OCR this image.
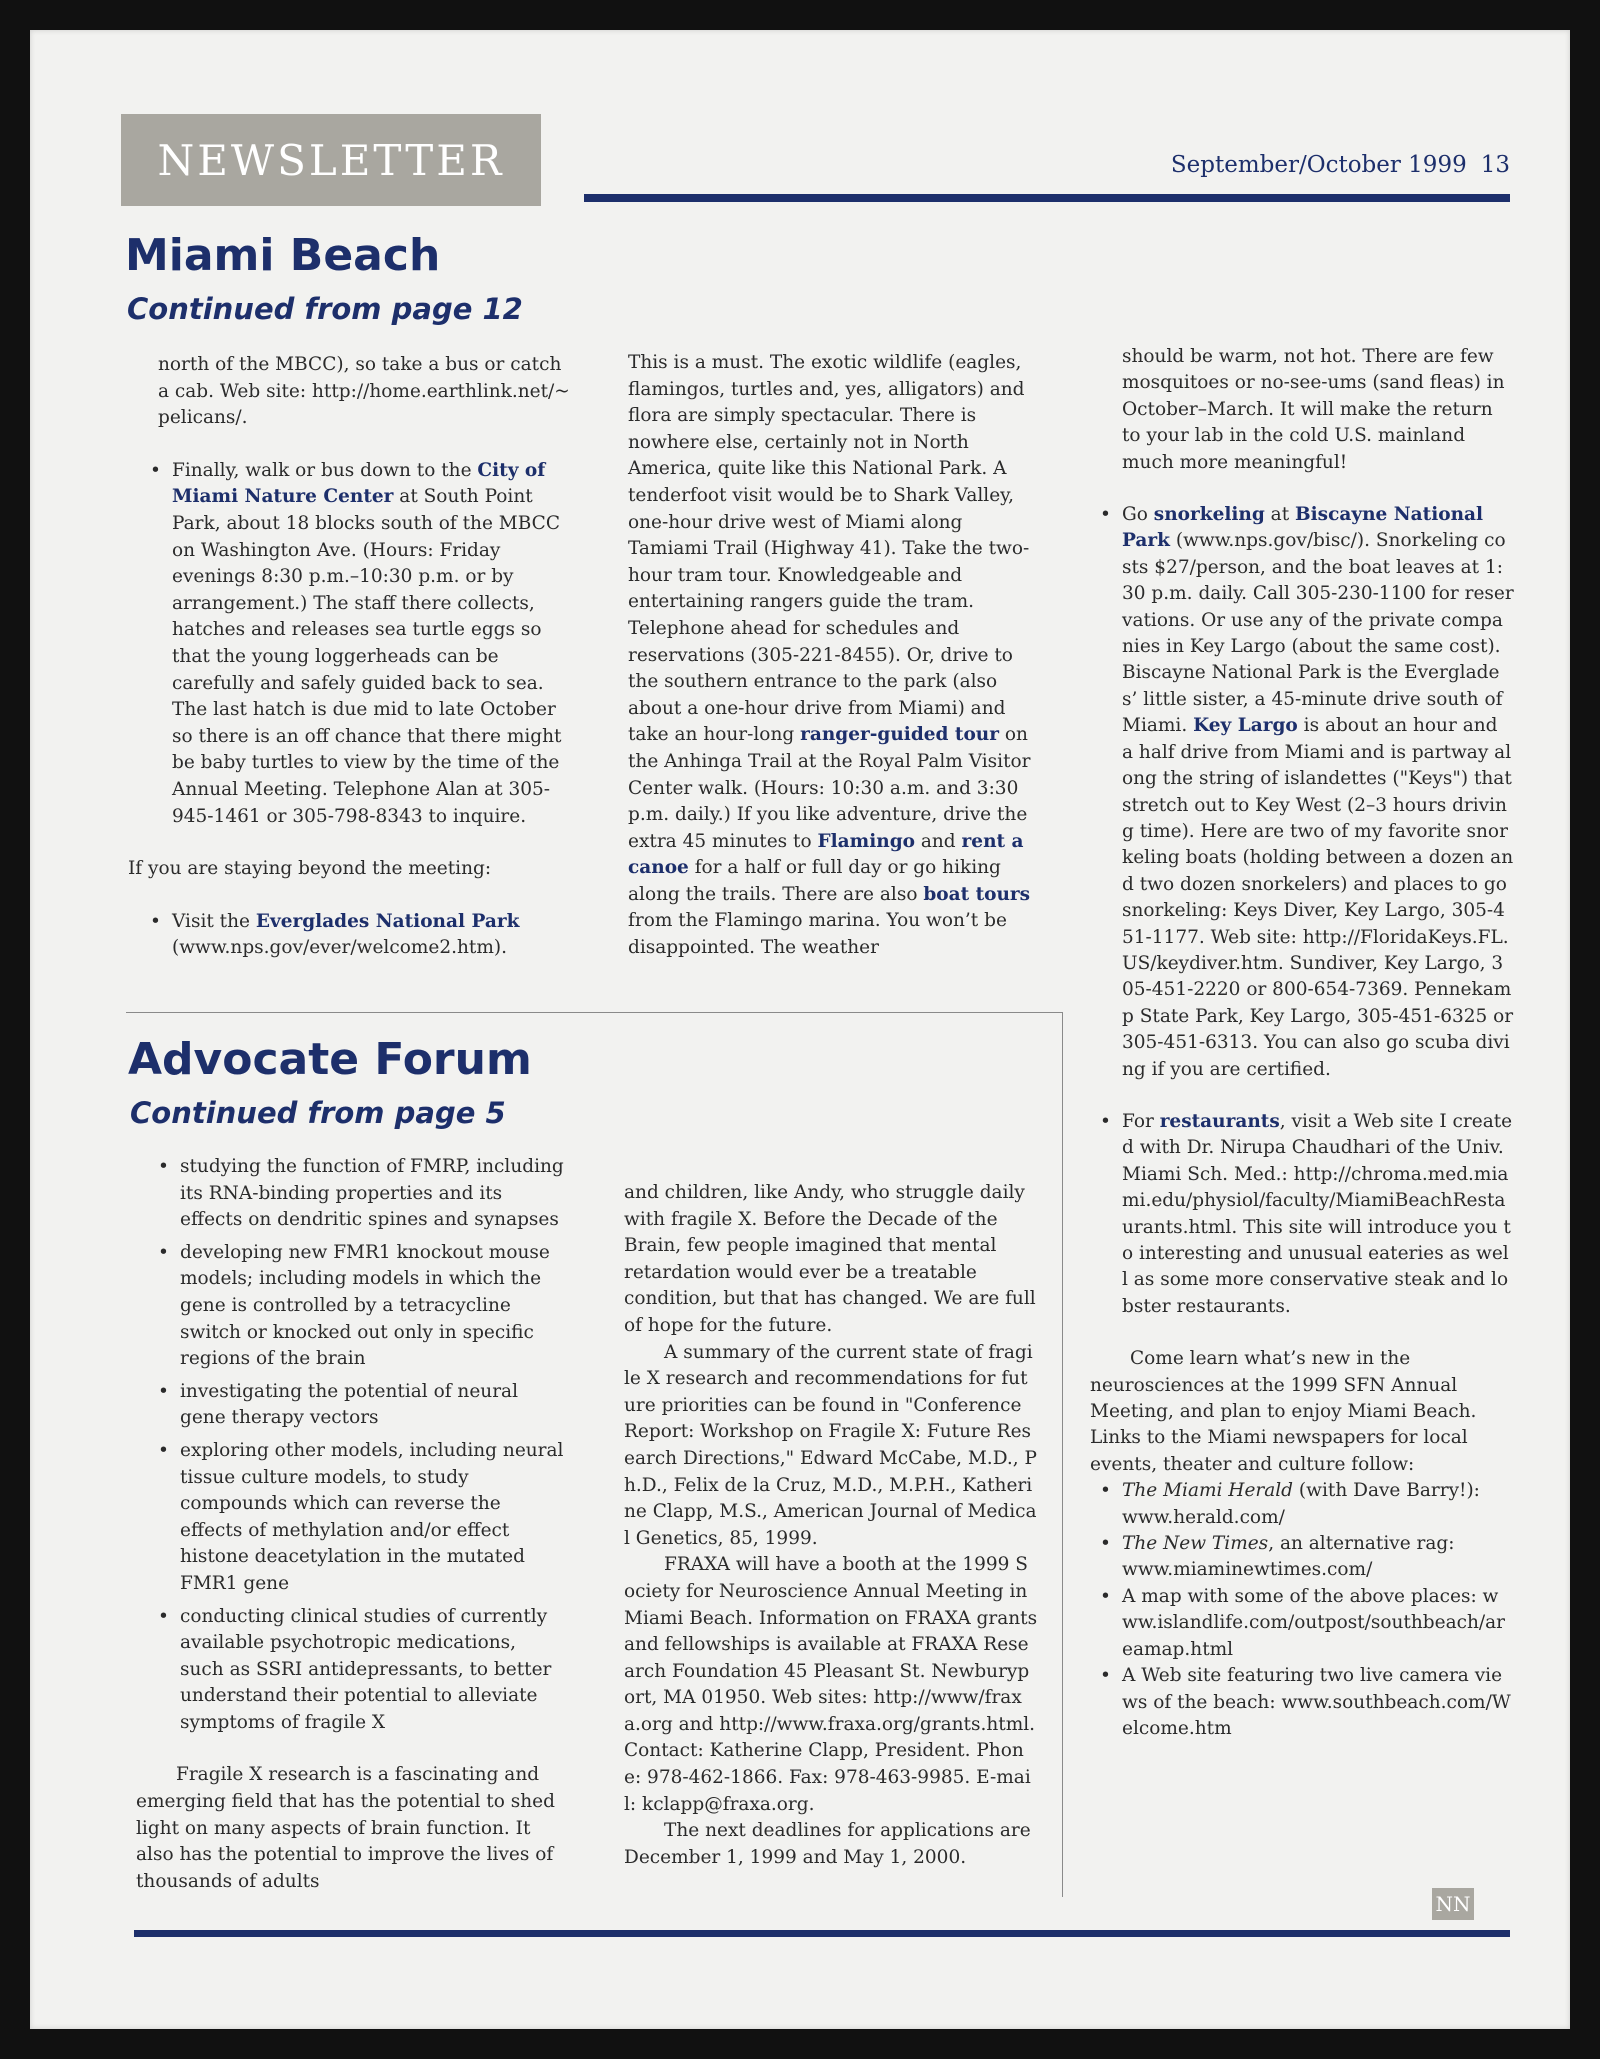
NEWSLETTER	September/October 1999 13
Miami Beach
Continued from page 12

north of the MBCC), so take a bus or catch a cab. Web site: http://home.earthlink.net/~pelicans/.

• Finally, walk or bus down to the City of Miami Nature Center at South Point Park, about 18 blocks south of the MBCC on Washington Ave. (Hours: Friday evenings 8:30 p.m.–10:30 p.m. or by arrangement.) The staff there collects, hatches and releases sea turtle eggs so that the young loggerheads can be carefully and safely guided back to sea. The last hatch is due mid to late October so there is an off chance that there might be baby turtles to view by the time of the Annual Meeting. Telephone Alan at 305-945-1461 or 305-798-8343 to inquire.

If you are staying beyond the meeting:

• Visit the Everglades National Park (www.nps.gov/ever/welcome2.htm).

This is a must. The exotic wildlife (eagles, flamingos, turtles and, yes, alligators) and flora are simply spectacular. There is nowhere else, certainly not in North America, quite like this National Park. A tenderfoot visit would be to Shark Valley, one-hour drive west of Miami along Tamiami Trail (Highway 41). Take the two-hour tram tour. Knowledgeable and entertaining rangers guide the tram. Telephone ahead for schedules and reservations (305-221-8455). Or, drive to the southern entrance to the park (also about a one-hour drive from Miami) and take an hour-long ranger-guided tour on the Anhinga Trail at the Royal Palm Visitor Center walk. (Hours: 10:30 a.m. and 3:30 p.m. daily.) If you like adventure, drive the extra 45 minutes to Flamingo and rent a canoe for a half or full day or go hiking along the trails. There are also boat tours from the Flamingo marina. You won’t be disappointed. The weather

should be warm, not hot. There are few mosquitoes or no-see-ums (sand fleas) in October–March. It will make the return to your lab in the cold U.S. mainland much more meaningful!

• Go snorkeling at Biscayne National Park (www.nps.gov/bisc/). Snorkeling costs $27/person, and the boat leaves at 1:30 p.m. daily. Call 305-230-1100 for reservations. Or use any of the private companies in Key Largo (about the same cost). Biscayne National Park is the Everglades’ little sister, a 45-minute drive south of Miami. Key Largo is about an hour and a half drive from Miami and is partway along the string of islandettes ("Keys") that stretch out to Key West (2–3 hours driving time). Here are two of my favorite snorkeling boats (holding between a dozen and two dozen snorkelers) and places to go snorkeling: Keys Diver, Key Largo, 305-451-1177. Web site: http://FloridaKeys.FL.US/keydiver.htm. Sundiver, Key Largo, 305-451-2220 or 800-654-7369. Pennekamp State Park, Key Largo, 305-451-6325 or 305-451-6313. You can also go scuba diving if you are certified.
• For restaurants, visit a Web site I created with Dr. Nirupa Chaudhari of the Univ. Miami Sch. Med.: http://chroma.med.miami.edu/physiol/faculty/MiamiBeachRestaurants.html. This site will introduce you to interesting and unusual eateries as well as some more conservative steak and lobster restaurants.

Come learn what’s new in the neurosciences at the 1999 SFN Annual Meeting, and plan to enjoy Miami Beach. Links to the Miami newspapers for local events, theater and culture follow:

• The Miami Herald (with Dave Barry!): www.herald.com/
• The New Times, an alternative rag: www.miaminewtimes.com/
• A map with some of the above places: www.islandlife.com/outpost/southbeach/areamap.html
• A Web site featuring two live camera views of the beach: www.southbeach.com/Welcome.htm
Advocate Forum
Continued from page 5
• studying the function of FMRP, including its RNA-binding properties and its effects on dendritic spines and synapses
• developing new FMR1 knockout mouse models; including models in which the gene is controlled by a tetracycline switch or knocked out only in specific regions of the brain
• investigating the potential of neural gene therapy vectors
• exploring other models, including neural tissue culture models, to study compounds which can reverse the effects of methylation and/or effect histone deacetylation in the mutated FMR1 gene
• conducting clinical studies of currently available psychotropic medications, such as SSRI antidepressants, to better understand their potential to alleviate symptoms of fragile X

Fragile X research is a fascinating and emerging field that has the potential to shed light on many aspects of brain function. It also has the potential to improve the lives of thousands of adults

and children, like Andy, who struggle daily with fragile X. Before the Decade of the Brain, few people imagined that mental retardation would ever be a treatable condition, but that has changed. We are full of hope for the future.

A summary of the current state of fragile X research and recommendations for future priorities can be found in "Conference Report: Workshop on Fragile X: Future Research Directions," Edward McCabe, M.D., Ph.D., Felix de la Cruz, M.D., M.P.H., Katherine Clapp, M.S., American Journal of Medical Genetics, 85, 1999.

FRAXA will have a booth at the 1999 Society for Neuroscience Annual Meeting in Miami Beach. Information on FRAXA grants and fellowships is available at FRAXA Research Foundation 45 Pleasant St. Newburyport, MA 01950. Web sites: http://www/fraxa.org and http://www.fraxa.org/grants.html. Contact: Katherine Clapp, President. Phone: 978-462-1866. Fax: 978-463-9985. E-mail: kclapp@fraxa.org.

The next deadlines for applications are December 1, 1999 and May 1, 2000.

NN
